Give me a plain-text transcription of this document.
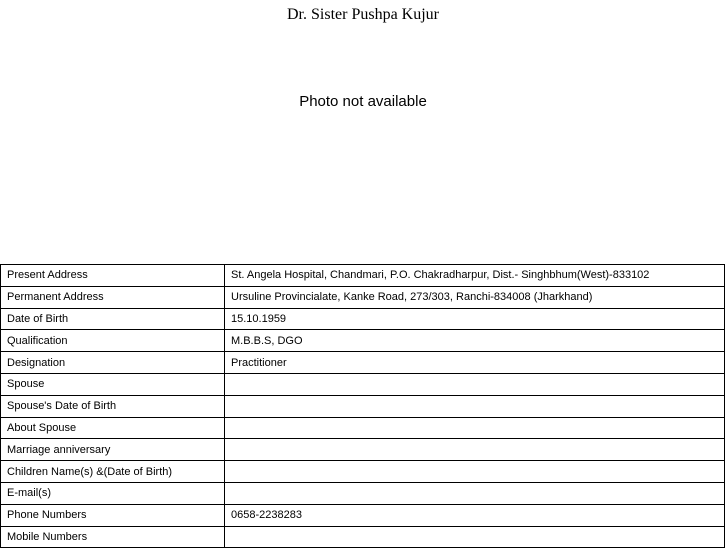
Dr. Sister Pushpa Kujur
Photo not available
Present Address	St. Angela Hospital, Chandmari, P.O. Chakradharpur, Dist.- Singhbhum(West)-833102
Permanent Address	Ursuline Provincialate, Kanke Road, 273/303, Ranchi-834008 (Jharkhand)
Date of Birth	15.10.1959
Qualification	M.B.B.S, DGO
Designation	Practitioner
Spouse	
Spouse's Date of Birth	
About Spouse	
Marriage anniversary	
Children Name(s) &(Date of Birth)	
E-mail(s)	
Phone Numbers	0658-2238283
Mobile Numbers	
